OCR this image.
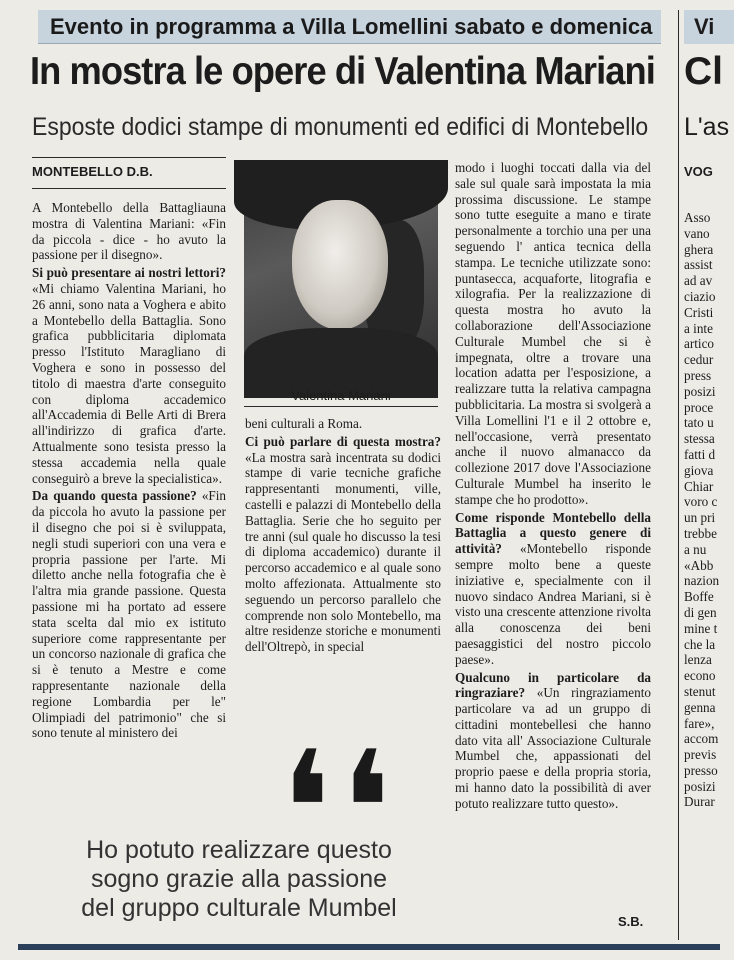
Evento in programma a Villa Lomellini sabato e domenica	Vi
In mostra le opere di Valentina Mariani Cl
Esposte dodici stampe di monumenti ed edifici di Montebello L'as
MONTEBELLO D.B.	VOG

A Montebello della Battagliauna mostra di Valentina Mariani: «Fin da piccola - dice - ho avuto la passione per il disegno».

Si può presentare ai nostri lettori? «Mi chiamo Valentina Mariani, ho 26 anni, sono nata a Voghera e abito a Montebello della Battaglia. Sono grafica pubblicitaria diplomata presso l'Istituto Maragliano di Voghera e sono in possesso del titolo di maestra d'arte conseguito con diploma accademico all'Accademia di Belle Arti di Brera all'indirizzo di grafica d'arte. Attualmente sono tesista presso la stessa accademia nella quale conseguirò a breve la specialistica».

Da quando questa passione? «Fin da piccola ho avuto la passione per il disegno che poi si è sviluppata, negli studi superiori con una vera e propria passione per l'arte. Mi diletto anche nella fotografia che è l'altra mia grande passione. Questa passione mi ha portato ad essere stata scelta dal mio ex istituto superiore come rappresentante per un concorso nazionale di grafica che si è tenuto a Mestre e come rappresentante nazionale della regione Lombardia per le" Olimpiadi del patrimonio" che si sono tenute al ministero dei

Valentina Mariani

beni culturali a Roma.

Ci può parlare di questa mostra? «La mostra sarà incentrata su dodici stampe di varie tecniche grafiche rappresentanti monumenti, ville, castelli e palazzi di Montebello della Battaglia. Serie che ho seguito per tre anni (sul quale ho discusso la tesi di diploma accademico) durante il percorso accademico e al quale sono molto affezionata. Attualmente sto seguendo un percorso parallelo che comprende non solo Montebello, ma altre residenze storiche e monumenti dell'Oltrepò, in special

modo i luoghi toccati dalla via del sale sul quale sarà impostata la mia prossima discussione. Le stampe sono tutte eseguite a mano e tirate personalmente a torchio una per una seguendo l' antica tecnica della stampa. Le tecniche utilizzate sono: puntasecca, acquaforte, litografia e xilografia. Per la realizzazione di questa mostra ho avuto la collaborazione dell'Associazione Culturale Mumbel che si è impegnata, oltre a trovare una location adatta per l'esposizione, a realizzare tutta la relativa campagna pubblicitaria. La mostra si svolgerà a Villa Lomellini l'1 e il 2 ottobre e, nell'occasione, verrà presentato anche il nuovo almanacco da collezione 2017 dove l'Associazione Culturale Mumbel ha inserito le stampe che ho prodotto».

Come risponde Montebello della Battaglia a questo genere di attività? «Montebello risponde sempre molto bene a queste iniziative e, specialmente con il nuovo sindaco Andrea Mariani, si è visto una crescente attenzione rivolta alla conoscenza dei beni paesaggistici del nostro piccolo paese».

Qualcuno in particolare da ringraziare? «Un ringraziamento particolare va ad un gruppo di cittadini montebellesi che hanno dato vita all' Associazione Culturale Mumbel che, appassionati del proprio paese e della propria storia, mi hanno dato la possibilità di aver potuto realizzare tutto questo».

❛ ❛
Ho potuto realizzare questo
sogno grazie alla passione
del gruppo culturale Mumbel	S.B.
Asso
vano
ghera
assist
ad av
ciazio
Cristi
a inte
artico
cedur
press
posizi
proce
tato u
stessa
fatti d
giova
Chiar
voro c
un pri
trebbe
a nu
«Abb
nazion
Boffe
di gen
mine t
che la
lenza
econo
stenut
genna
fare»,
accom
previs
presso
posizi
Durar
